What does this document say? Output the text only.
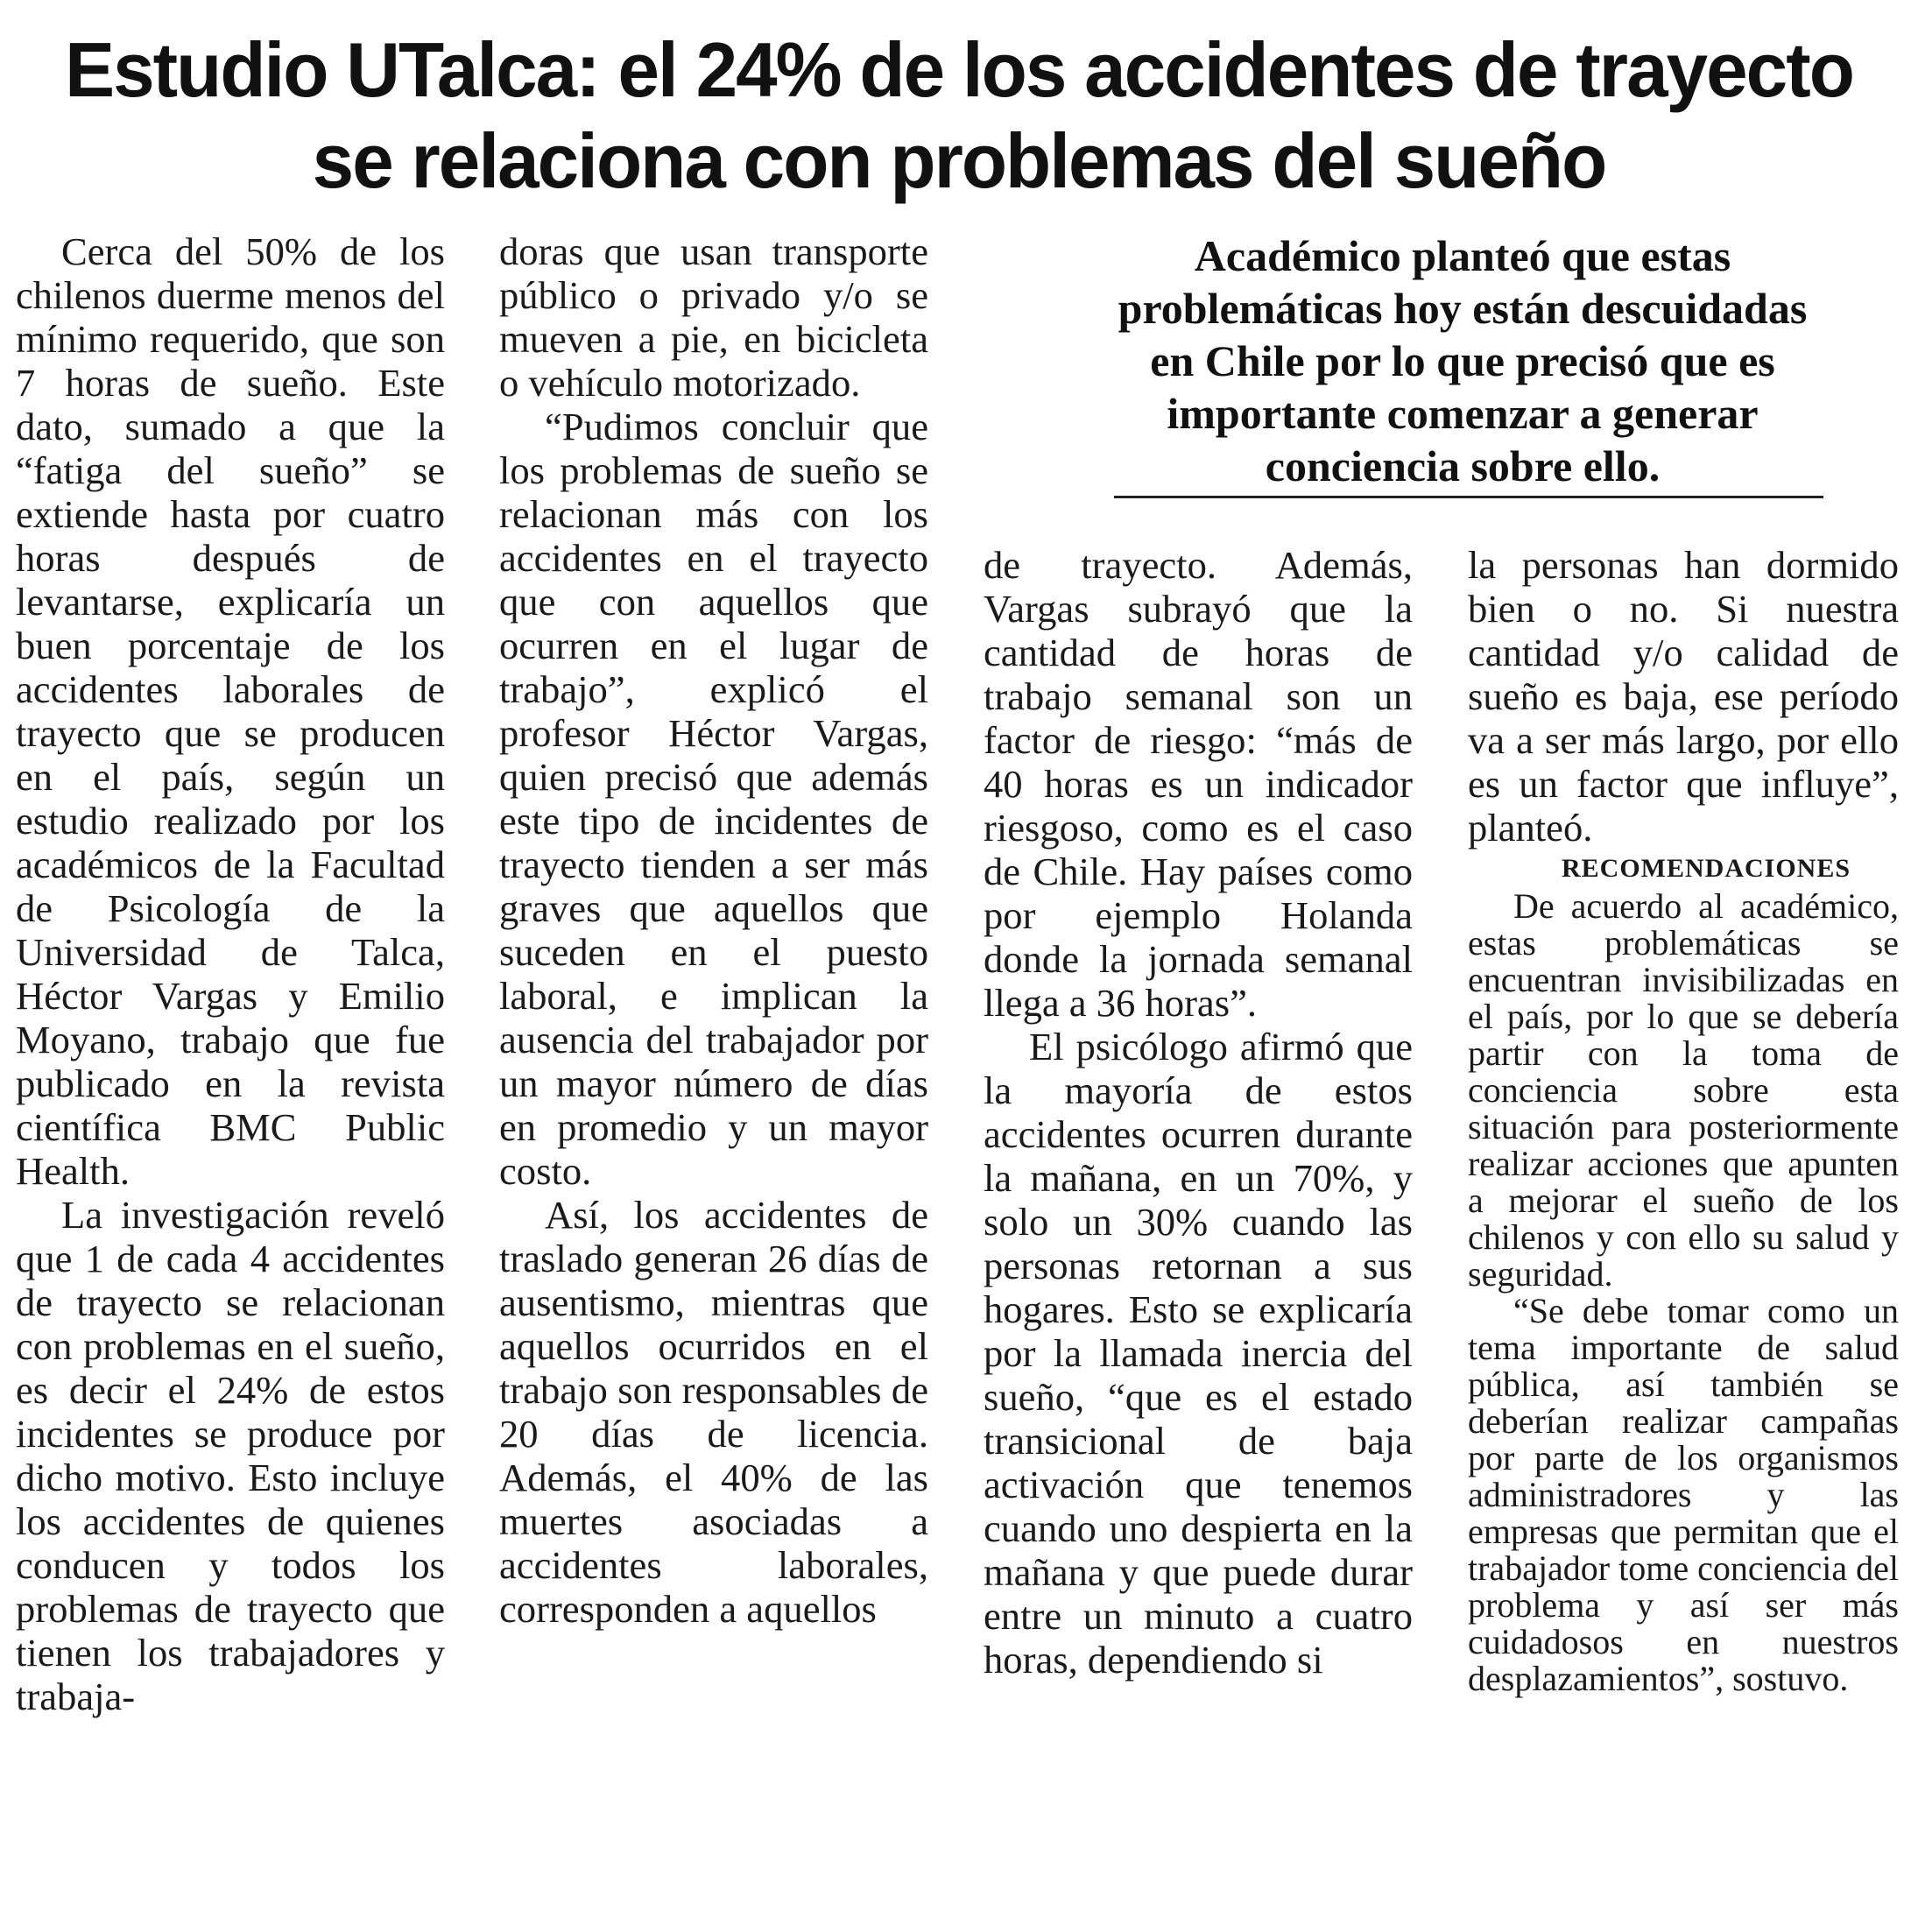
Estudio UTalca: el 24% de los accidentes de trayecto
se relaciona con problemas del sueño

Cerca del 50% de los chilenos duerme menos del mínimo requerido, que son 7 horas de sueño. Este dato, sumado a que la “fatiga del sueño” se extiende hasta por cuatro horas después de levantarse, explicaría un buen porcentaje de los accidentes laborales de trayecto que se producen en el país, según un estudio realizado por los académicos de la Facultad de Psicología de la Universidad de Talca, Héctor Vargas y Emilio Moyano, trabajo que fue publicado en la revista científica BMC Public Health.

La investigación reveló que 1 de cada 4 accidentes de trayecto se relacionan con problemas en el sueño, es decir el 24% de estos incidentes se produce por dicho motivo. Esto incluye los accidentes de quienes conducen y todos los problemas de trayecto que tienen los trabajadores y trabaja-

doras que usan transporte público o privado y/o se mueven a pie, en bicicleta o vehículo motorizado.

“Pudimos concluir que los problemas de sueño se relacionan más con los accidentes en el trayecto que con aquellos que ocurren en el lugar de trabajo”, explicó el profesor Héctor Vargas, quien precisó que además este tipo de incidentes de trayecto tienden a ser más graves que aquellos que suceden en el puesto laboral, e implican la ausencia del trabajador por un mayor número de días en promedio y un mayor costo.

Así, los accidentes de traslado generan 26 días de ausentismo, mientras que aquellos ocurridos en el trabajo son responsables de 20 días de licencia. Además, el 40% de las muertes asociadas a accidentes laborales, corresponden a aquellos

Académico planteó que estas
problemáticas hoy están descuidadas
en Chile por lo que precisó que es
importante comenzar a generar
conciencia sobre ello.

de trayecto. Además, Vargas subrayó que la cantidad de horas de trabajo semanal son un factor de riesgo: “más de 40 horas es un indicador riesgoso, como es el caso de Chile. Hay países como por ejemplo Holanda donde la jornada semanal llega a 36 horas”.

El psicólogo afirmó que la mayoría de estos accidentes ocurren durante la mañana, en un 70%, y solo un 30% cuando las personas retornan a sus hogares. Esto se explicaría por la llamada inercia del sueño, “que es el estado transicional de baja activación que tenemos cuando uno despierta en la mañana y que puede durar entre un minuto a cuatro horas, dependiendo si

la personas han dormido bien o no. Si nuestra cantidad y/o calidad de sueño es baja, ese período va a ser más largo, por ello es un factor que influye”, planteó.

RECOMENDACIONES

De acuerdo al académico, estas problemáticas se encuentran invisibilizadas en el país, por lo que se debería partir con la toma de conciencia sobre esta situación para posteriormente realizar acciones que apunten a mejorar el sueño de los chilenos y con ello su salud y seguridad.

“Se debe tomar como un tema importante de salud pública, así también se deberían realizar campañas por parte de los organismos administradores y las empresas que permitan que el trabajador tome conciencia del problema y así ser más cuidadosos en nuestros desplazamientos”, sostuvo.
